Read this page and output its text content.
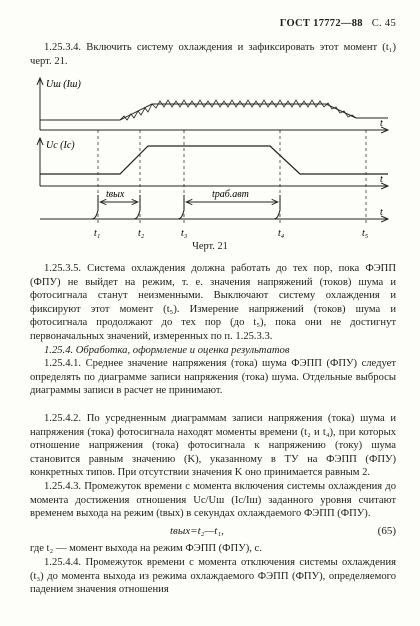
ГОСТ 17772—88 С. 45
1.25.3.4. Включить систему охлаждения и зафиксировать этот момент (t₁) черт. 21.
Uш (Iш)
t
Uс (Iс)
t
t
tвых	tраб.авт
t₁	t₂	t₃	t₄	t₅
Черт. 21
1.25.3.5. Система охлаждения должна работать до тех пор, пока ФЭПП (ФПУ) не выйдет на режим, т. е. значения напряжений (токов) шума и фотосигнала станут неизменными. Выключают систему охлаждения и фиксируют этот момент (t₅). Измерение напряжений (токов) шума и фотосигнала продолжают до тех пор (до t₅), пока они не достигнут первоначальных значений, измеренных по п. 1.25.3.3.
1.25.4. Обработка, оформление и оценка результатов
1.25.4.1. Среднее значение напряжения (тока) шума ФЭПП (ФПУ) следует определять по диаграмме записи напряжения (тока) шума. Отдельные выбросы диаграммы записи в расчет не принимают.
1.25.4.2. По усредненным диаграммам записи напряжения (тока) шума и напряжения (тока) фотосигнала находят моменты времени (t₂ и t₄), при которых отношение напряжения (тока) фотосигнала к напряжению (току) шума становится равным значению (K), указанному в ТУ на ФЭПП (ФПУ) конкретных типов. При отсутствии значения K оно принимается равным 2.
1.25.4.3. Промежуток времени с момента включения системы охлаждения до момента достижения отношения Uс/Uш (Iс/Iш) заданного уровня считают временем выхода на режим (tвых) в секундах охлаждаемого ФЭПП (ФПУ).
tвых=t₂—t₁,	(65)
где t₂ — момент выхода на режим ФЭПП (ФПУ), с.
1.25.4.4. Промежуток времени с момента отключения системы охлаждения (t₃) до момента выхода из режима охлаждаемого ФЭПП (ФПУ), определяемого падением значения отношения
